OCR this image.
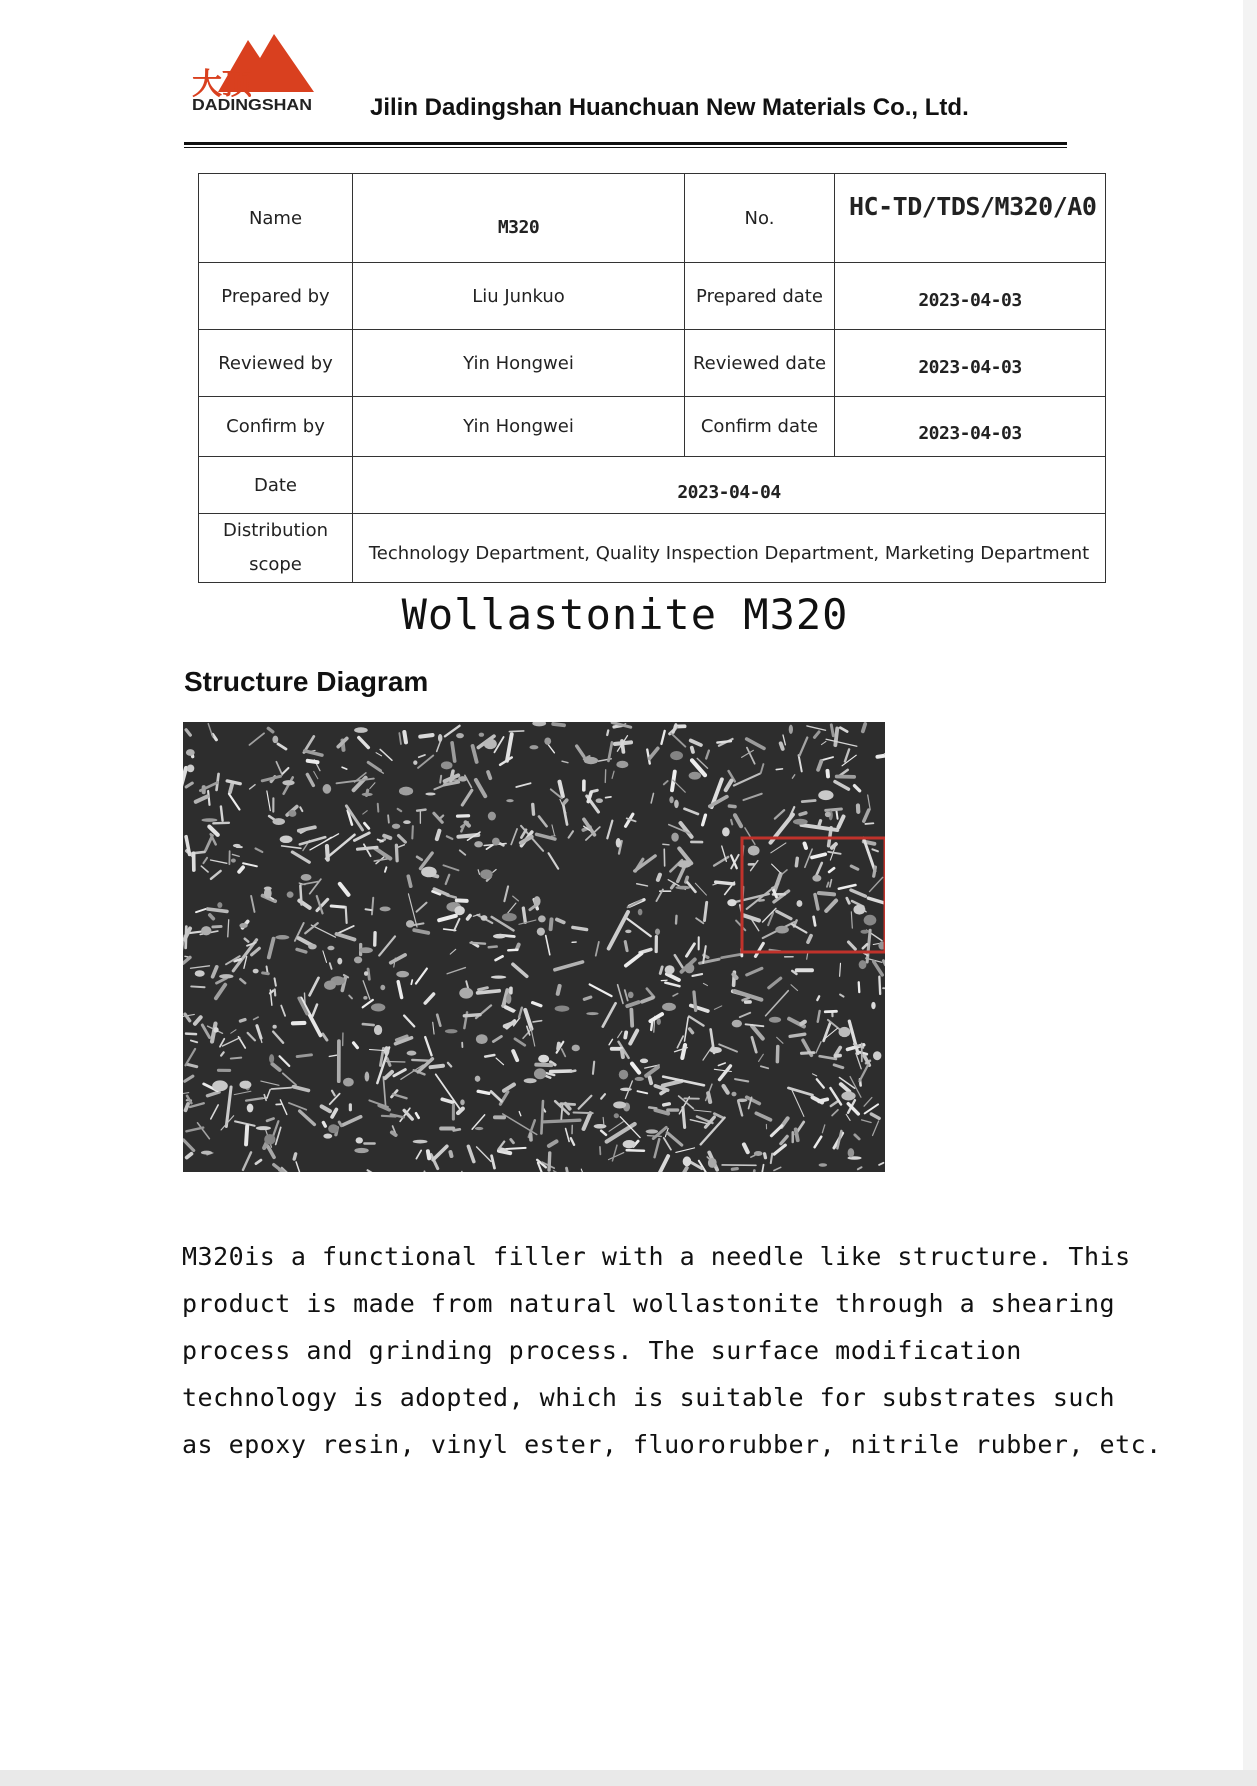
大顶
DADINGSHAN Jilin Dadingshan Huanchuan New Materials Co., Ltd.
Name	M320	No.	HC-TD/TDS/M320/A0
Prepared by	Liu Junkuo	Prepared date	2023-04-03
Reviewed by	Yin Hongwei	Reviewed date	2023-04-03
Confirm by	Yin Hongwei	Confirm date	2023-04-03
Date	2023-04-04		

Distribution
scope	Technology Department, Quality Inspection Department, Marketing Department		
Wollastonite M320
Structure Diagram
M320is a functional filler with a needle like structure. This
product is made from natural wollastonite through a shearing
process and grinding process. The surface modification
technology is adopted, which is suitable for substrates such
as epoxy resin, vinyl ester, fluororubber, nitrile rubber, etc.
